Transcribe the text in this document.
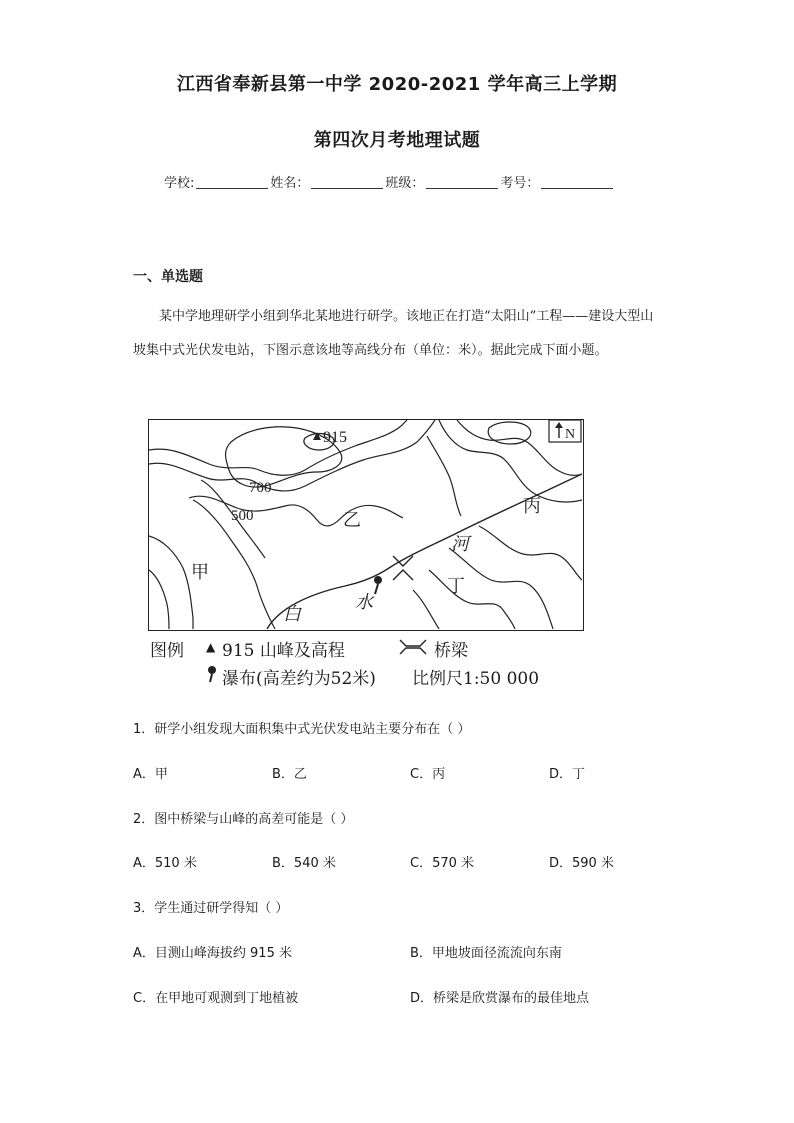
江西省奉新县第一中学 2020-2021 学年高三上学期
第四次月考地理试题
学校:	姓名：	班级：	考号：
一、单选题
某中学地理研学小组到华北某地进行研学。该地正在打造“太阳山”工程——建设大型山坡集中式光伏发电站，下图示意该地等高线分布（单位：米）。据此完成下面小题。
915	N
700
500	乙
丙
甲
丁
河
水
白
图例 ▲ 915 山峰及高程	桥梁
瀑布(高差约为52米) 比例尺1:50 000
1．研学小组发现大面积集中式光伏发电站主要分布在（ ）
A．甲	B．乙	C．丙	D．丁
2．图中桥梁与山峰的高差可能是（ ）
A．510 米	B．540 米	C．570 米	D．590 米
3．学生通过研学得知（ ）
A．目测山峰海拔约 915 米	B．甲地坡面径流流向东南
C．在甲地可观测到丁地植被	D．桥梁是欣赏瀑布的最佳地点
